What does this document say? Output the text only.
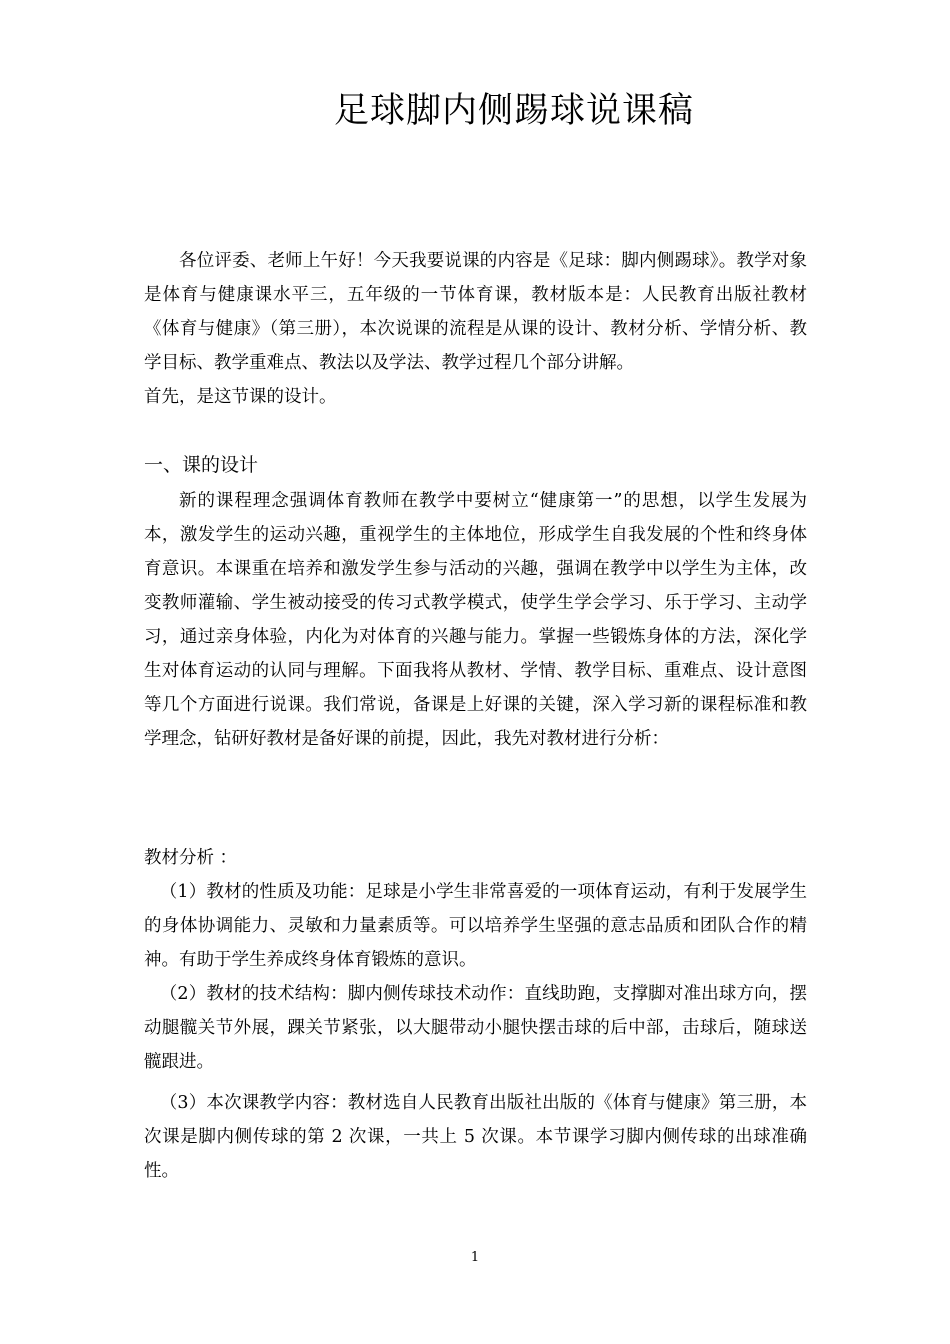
足球脚内侧踢球说课稿

各位评委、老师上午好！今天我要说课的内容是《足球：脚内侧踢球》。教学对象是体育与健康课水平三，五年级的一节体育课，教材版本是：人民教育出版社教材《体育与健康》（第三册），本次说课的流程是从课的设计、教材分析、学情分析、教学目标、教学重难点、教法以及学法、教学过程几个部分讲解。

首先，是这节课的设计。

一、课的设计

新的课程理念强调体育教师在教学中要树立“健康第一”的思想，以学生发展为本，激发学生的运动兴趣，重视学生的主体地位，形成学生自我发展的个性和终身体育意识。本课重在培养和激发学生参与活动的兴趣，强调在教学中以学生为主体，改变教师灌输、学生被动接受的传习式教学模式，使学生学会学习、乐于学习、主动学习，通过亲身体验，内化为对体育的兴趣与能力。掌握一些锻炼身体的方法，深化学生对体育运动的认同与理解。下面我将从教材、学情、教学目标、重难点、设计意图等几个方面进行说课。我们常说，备课是上好课的关键，深入学习新的课程标准和教学理念，钻研好教材是备好课的前提，因此，我先对教材进行分析：

教材分析 ：

（1）教材的性质及功能：足球是小学生非常喜爱的一项体育运动，有利于发展学生的身体协调能力、灵敏和力量素质等。可以培养学生坚强的意志品质和团队合作的精神。有助于学生养成终身体育锻炼的意识。

（2）教材的技术结构：脚内侧传球技术动作：直线助跑，支撑脚对准出球方向，摆动腿髋关节外展，踝关节紧张，以大腿带动小腿快摆击球的后中部，击球后，随球送髋跟进。

（3）本次课教学内容：教材选自人民教育出版社出版的《体育与健康》第三册，本次课是脚内侧传球的第 2 次课，一共上 5 次课。本节课学习脚内侧传球的出球准确性。

1
